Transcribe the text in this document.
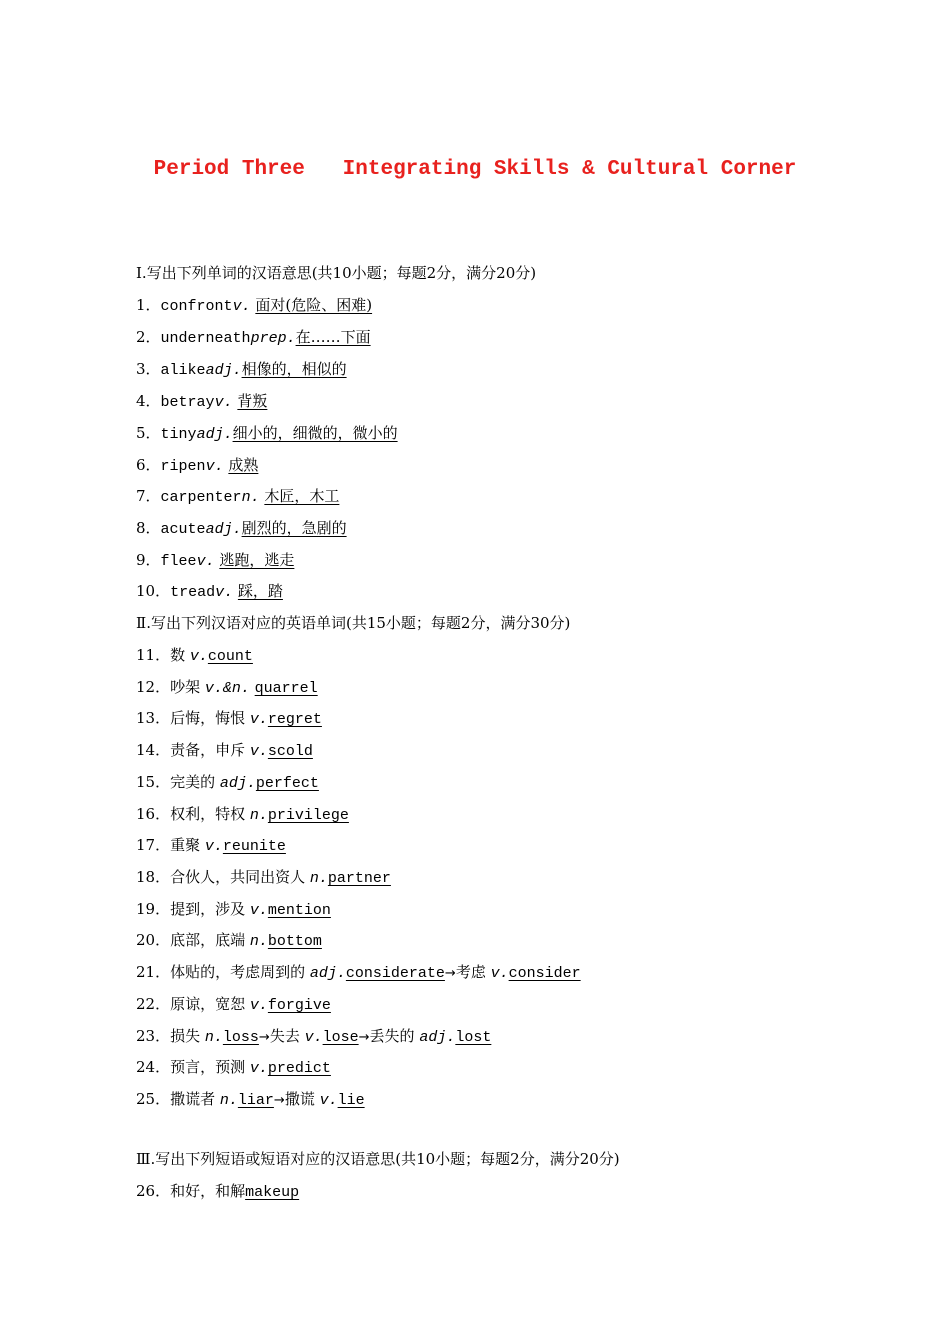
Period Three   Integrating Skills & Cultural Corner
Ⅰ.写出下列单词的汉语意思(共10小题；每题2分，满分20分)
1．confrontv. 面对(危险、困难)
2．underneathprep.在……下面
3．alikeadj.相像的，相似的
4．betrayv. 背叛
5．tinyadj.细小的，细微的，微小的
6．ripenv. 成熟
7．carpentern. 木匠，木工
8．acuteadj.剧烈的，急剧的
9．fleev. 逃跑，逃走
10．treadv. 踩，踏
Ⅱ.写出下列汉语对应的英语单词(共15小题；每题2分，满分30分)
11．数 v.count
12．吵架 v.&n. quarrel
13．后悔，悔恨 v.regret
14．责备，申斥 v.scold
15．完美的 adj.perfect
16．权利，特权 n.privilege
17．重聚 v.reunite
18．合伙人，共同出资人 n.partner
19．提到，涉及 v.mention
20．底部，底端 n.bottom
21．体贴的，考虑周到的 adj.considerate→考虑 v.consider
22．原谅，宽恕 v.forgive
23．损失 n.loss→失去 v.lose→丢失的 adj.lost
24．预言，预测 v.predict
25．撒谎者 n.liar→撒谎 v.lie
Ⅲ.写出下列短语或短语对应的汉语意思(共10小题；每题2分，满分20分)
26．和好，和解makeup
